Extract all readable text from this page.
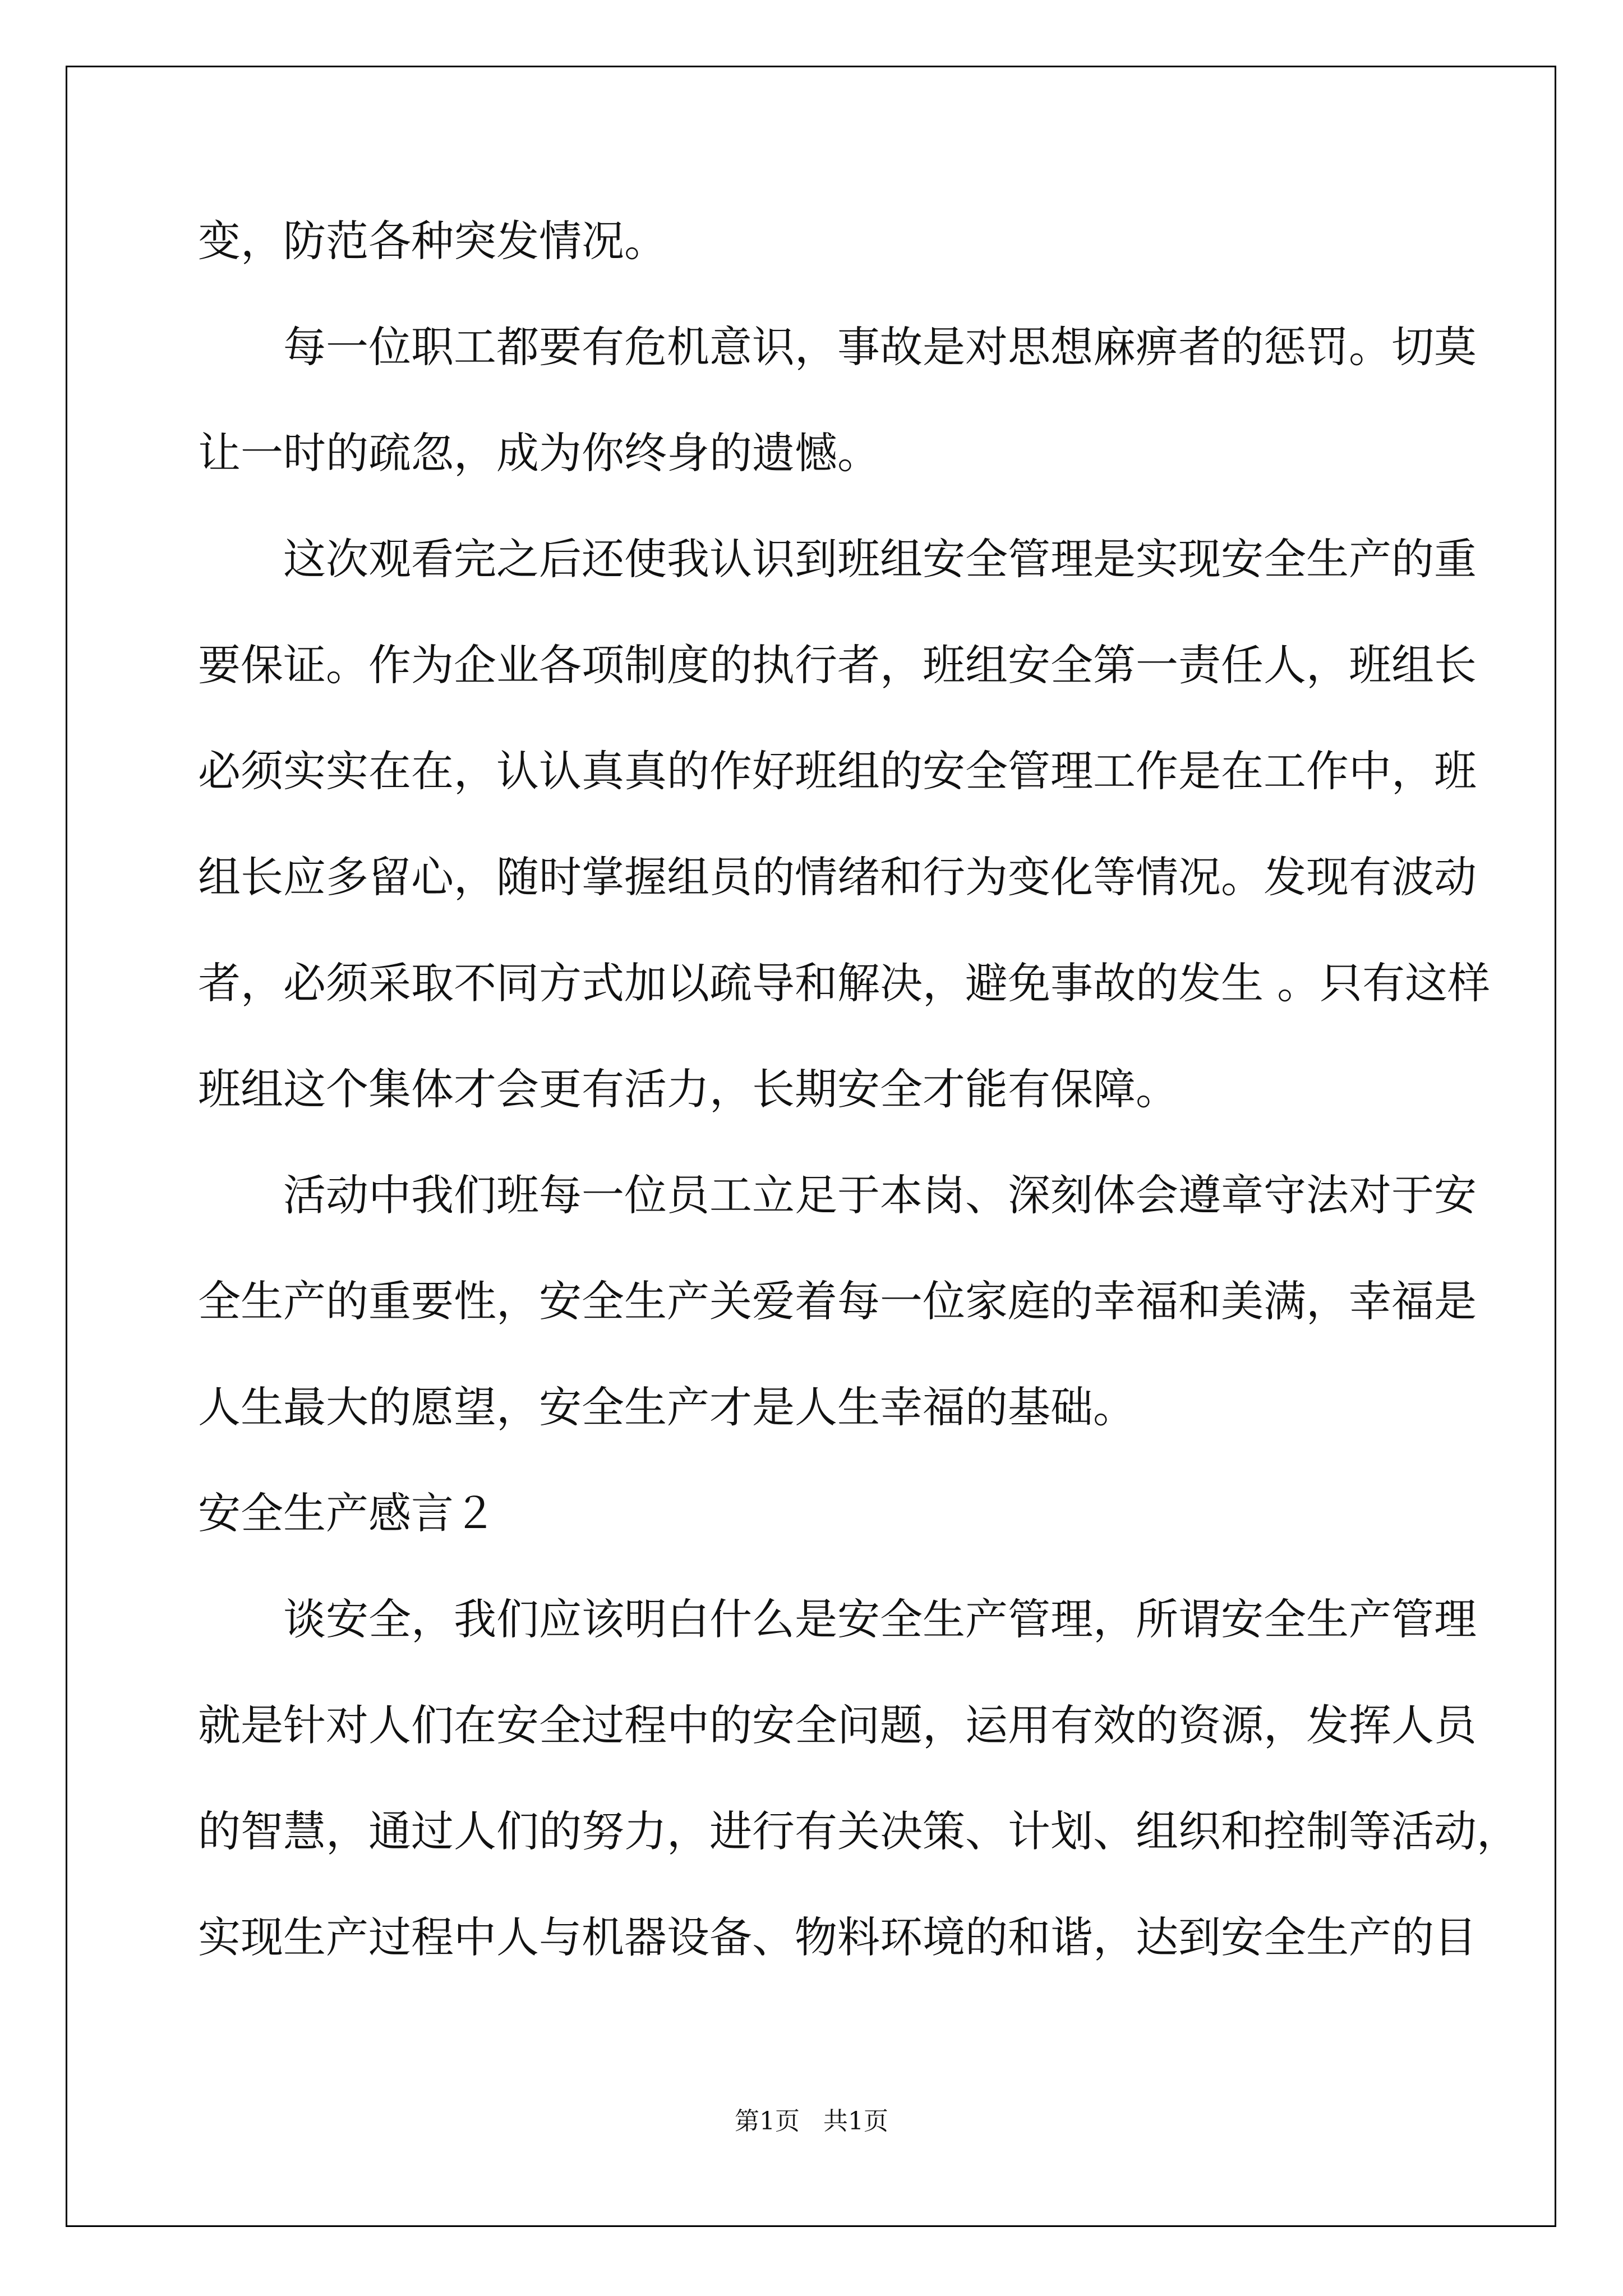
变，防范各种突发情况。
每一位职工都要有危机意识，事故是对思想麻痹者的惩罚。切莫
让一时的疏忽，成为你终身的遗憾。
这次观看完之后还使我认识到班组安全管理是实现安全生产的重
要保证。作为企业各项制度的执行者，班组安全第一责任人，班组长
必须实实在在，认认真真的作好班组的安全管理工作是在工作中，班
组长应多留心，随时掌握组员的情绪和行为变化等情况。发现有波动
者，必须采取不同方式加以疏导和解决，避免事故的发生 。只有这样
班组这个集体才会更有活力，长期安全才能有保障。
活动中我们班每一位员工立足于本岗、深刻体会遵章守法对于安
全生产的重要性，安全生产关爱着每一位家庭的幸福和美满，幸福是
人生最大的愿望，安全生产才是人生幸福的基础。
安全生产感言２
谈安全，我们应该明白什么是安全生产管理，所谓安全生产管理
就是针对人们在安全过程中的安全问题，运用有效的资源，发挥人员
的智慧，通过人们的努力，进行有关决策、计划、组织和控制等活动，
实现生产过程中人与机器设备、物料环境的和谐，达到安全生产的目
第1页 共1页
